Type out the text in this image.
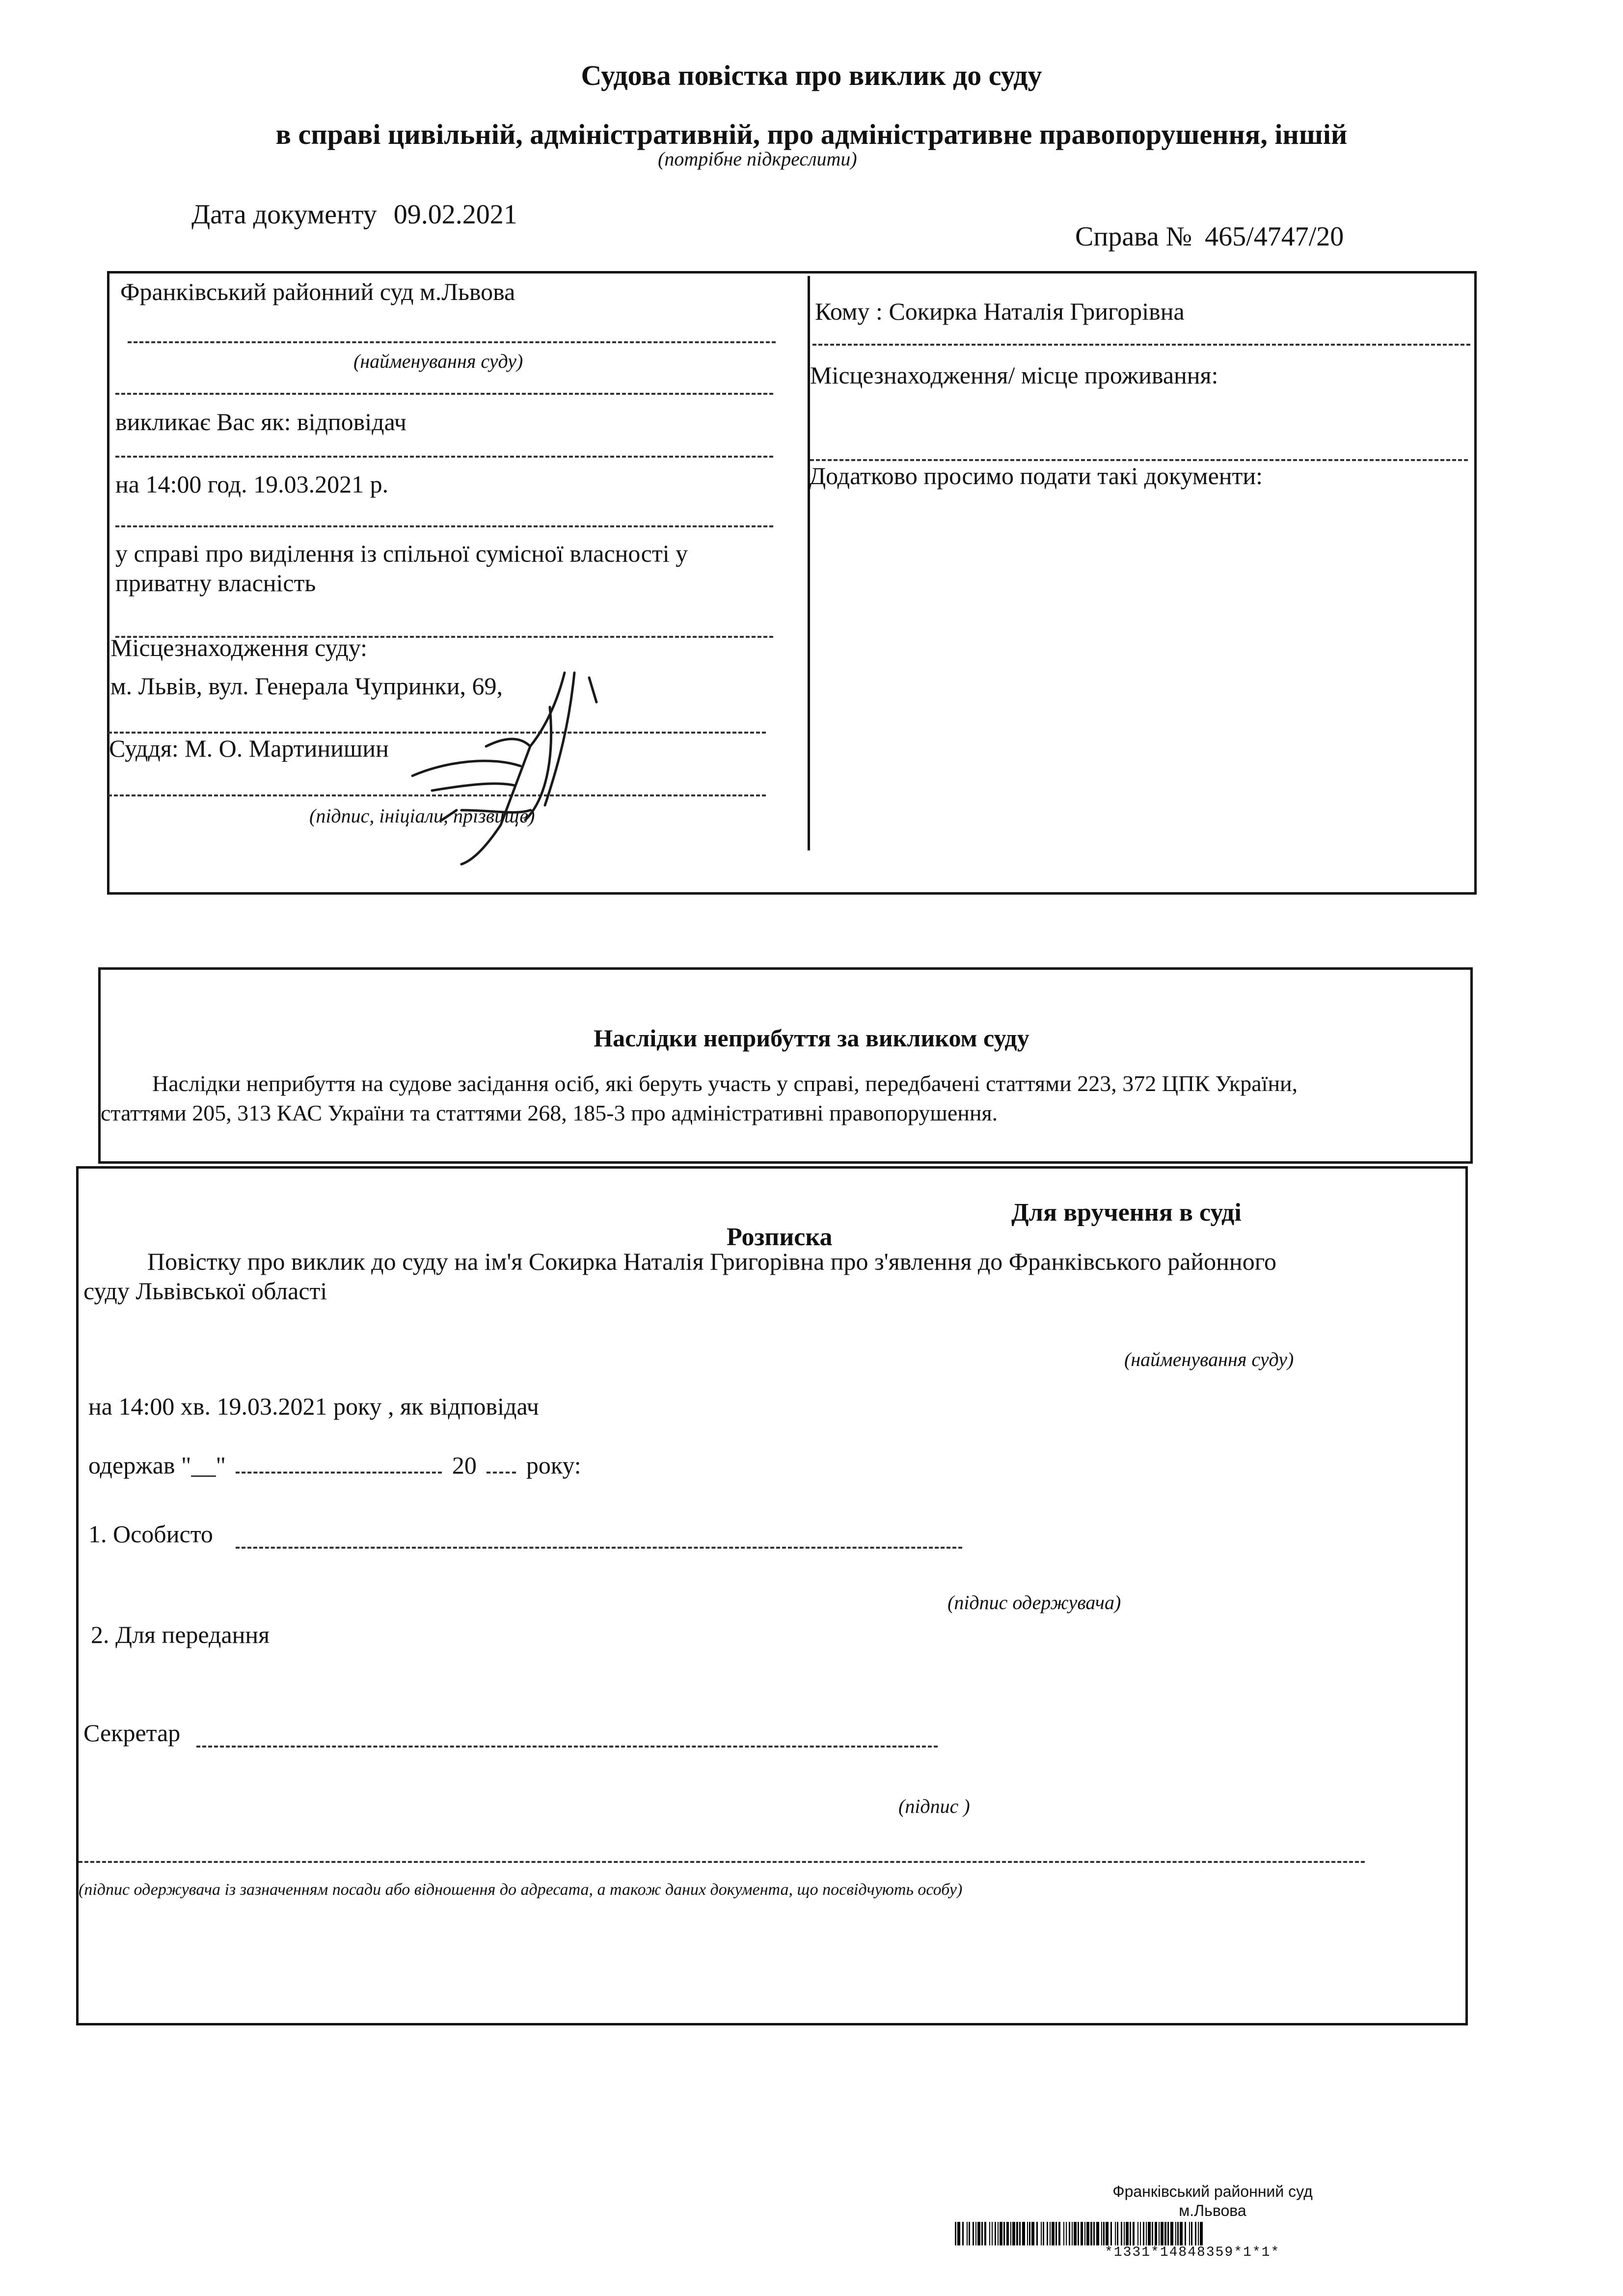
Судова повістка про виклик до суду
в справі цивільній, адміністративній, про адміністративне правопорушення, іншій
(потрібне підкреслити)
Дата документу 09.02.2021
Справа № 465/4747/20
Франківський районний суд м.Львова
(найменування суду)
викликає Вас як: відповідач
на 14:00 год. 19.03.2021 р.
у справі про виділення із спільної сумісної власності у
приватну власність
Місцезнаходження суду:
м. Львів, вул. Генерала Чупринки, 69,
Суддя: М. О. Мартинишин
(підпис, ініціали, прізвище)
Кому : Сокирка Наталія Григорівна
Місцезнаходження/ місце проживання:
Додатково просимо подати такі документи:
Наслідки неприбуття за викликом суду
Наслідки неприбуття на судове засідання осіб, які беруть участь у справі, передбачені статтями 223, 372 ЦПК України,
статтями 205, 313 КАС України та статтями 268, 185-3 про адміністративні правопорушення.
Для вручення в суді
Розписка
Повістку про виклик до суду на ім'я Сокирка Наталія Григорівна про з'явлення до Франківського районного
суду Львівської області
(найменування суду)
на 14:00 хв. 19.03.2021 року , як відповідач
одержав "__"	20 року:
1. Особисто
(підпис одержувача)
2. Для передання
Секретар
(підпис )
(підпис одержувача із зазначенням посади або відношення до адресата, а також даних документа, що посвідчують особу)
Франківський районний суд
м.Львова
*1331*14848359*1*1*
